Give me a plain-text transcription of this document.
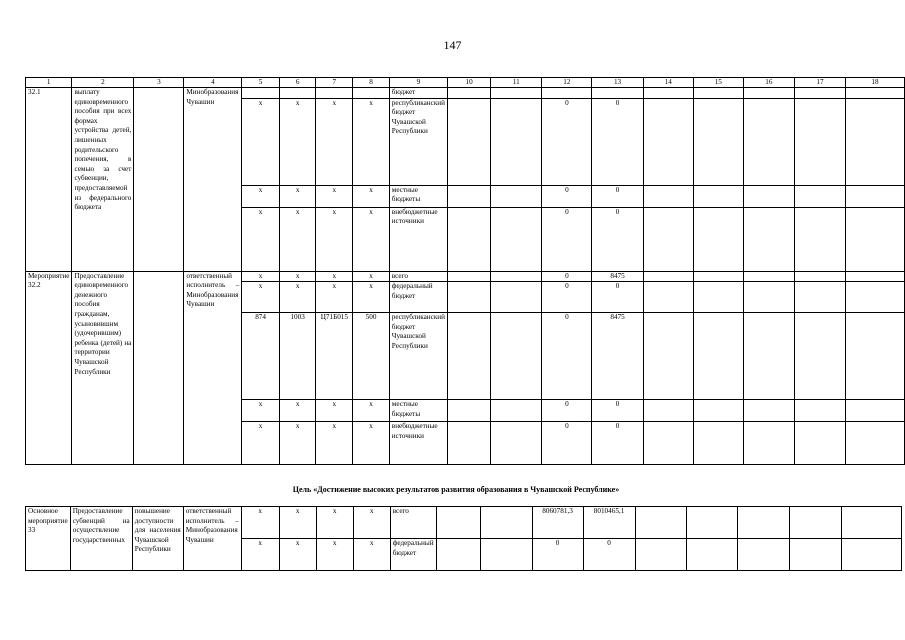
147
1	2	3	4	5	6	7	8	9	10	11	12	13	14	15	16	17	18
32.1	выплату единовременного пособия при всех формах устройства детей, лишенных родительского попечения, в семью за счет субвенции, предоставляемой из федерального бюджета		Минобразования Чувашии					бюджет									
				x	x	x	x	республиканский бюджет Чувашской Республики			0	0					
				x	x	x	x	местные бюджеты			0	0					
				x	x	x	x	внебюджетные источники			0	0					
Мероприятие 32.2	Предоставление единовременного денежного пособия гражданам, усыновившим (удочерившим) ребенка (детей) на территории Чувашской Республики		ответственный исполнитель – Минобразования Чувашии	x	x	x	x	всего			0	8475					
				x	x	x	x	федеральный бюджет			0	0					
				874	1003	Ц71Б015	500	республиканский бюджет Чувашской Республики			0	8475					
				x	x	x	x	местные бюджеты			0	0					
				x	x	x	x	внебюджетные источники			0	0					
Цель «Достижение высоких результатов развития образования в Чувашской Республике»
Основное мероприятие 33	Предоставление субвенций на осуществление государственных	повышение доступности для населения Чувашской Республики	ответственный исполнитель – Минобразования Чувашии	x	x	x	x	всего			8060781,3	8010465,1					
				x	x	x	x	федеральный бюджет			0	0					
